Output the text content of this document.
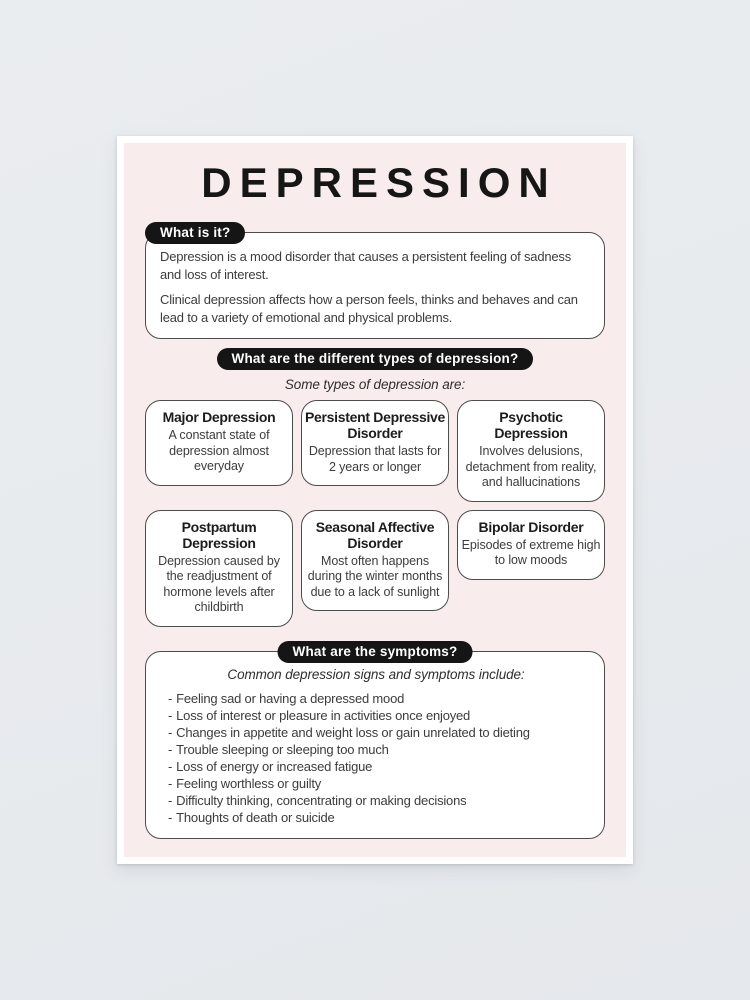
DEPRESSION
What is it?

Depression is a mood disorder that causes a persistent feeling of sadness and loss of interest.

Clinical depression affects how a person feels, thinks and behaves and can lead to a variety of emotional and physical problems.

What are the different types of depression?

Some types of depression are:

Major Depression

A constant state of depression almost everyday

Persistent Depressive Disorder

Depression that lasts for 2 years or longer

Psychotic Depression

Involves delusions, detachment from reality, and hallucinations

Postpartum Depression

Depression caused by the readjustment of hormone levels after childbirth

Seasonal Affective Disorder

Most often happens during the winter months due to a lack of sunlight

Bipolar Disorder

Episodes of extreme high to low moods

What are the symptoms?

Common depression signs and symptoms include:

- Feeling sad or having a depressed mood
- Loss of interest or pleasure in activities once enjoyed
- Changes in appetite and weight loss or gain unrelated to dieting
- Trouble sleeping or sleeping too much
- Loss of energy or increased fatigue
- Feeling worthless or guilty
- Difficulty thinking, concentrating or making decisions
- Thoughts of death or suicide
